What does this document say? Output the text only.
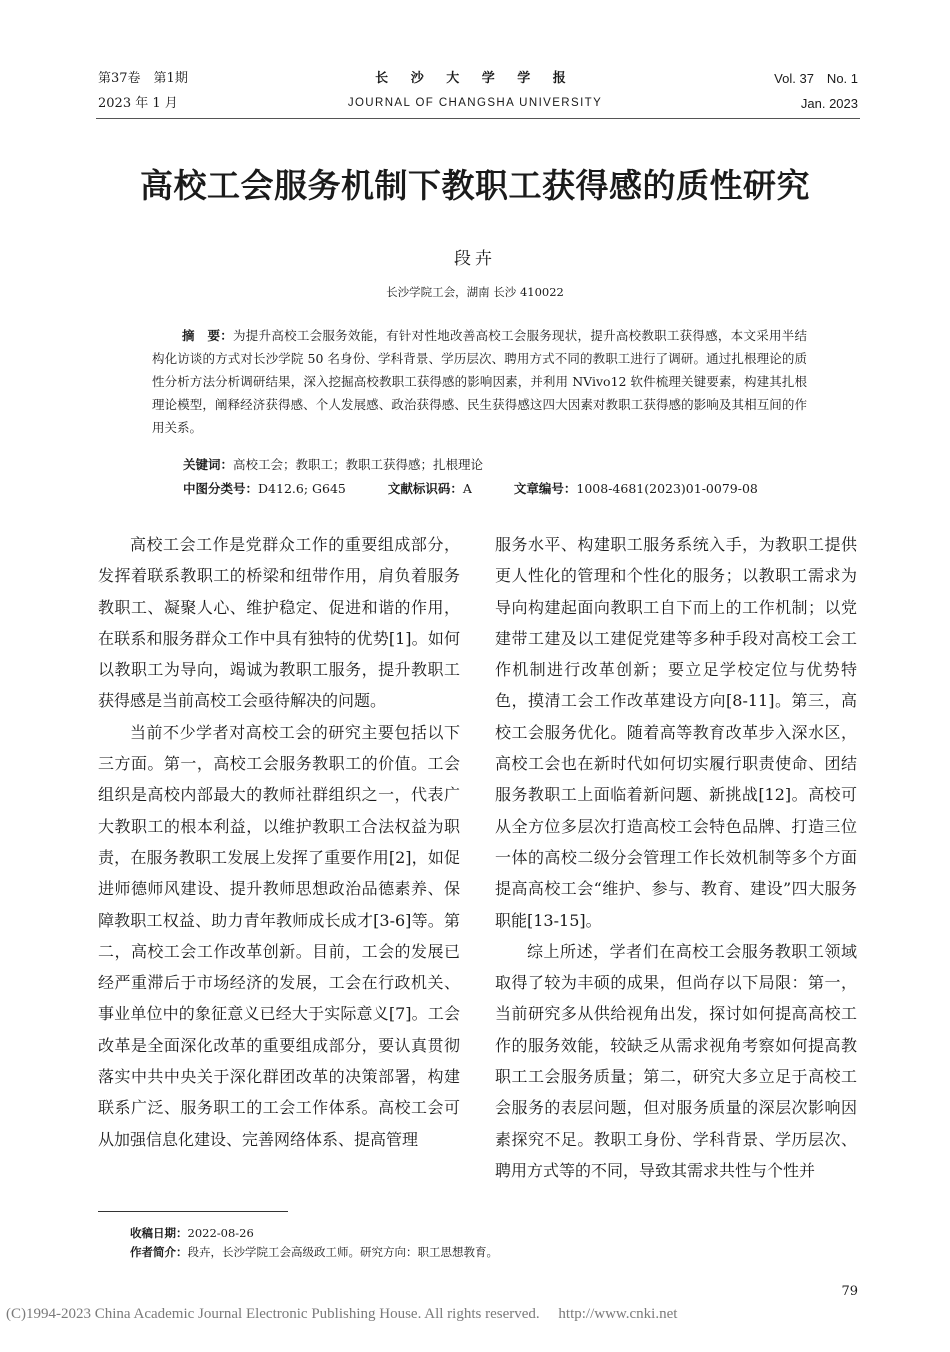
第37卷　第1期
2023 年 1 月
长 沙 大 学 学 报
JOURNAL OF CHANGSHA UNIVERSITY
Vol. 37　No. 1
Jan. 2023
高校工会服务机制下教职工获得感的质性研究
段卉
长沙学院工会，湖南 长沙 410022
摘　要：为提升高校工会服务效能，有针对性地改善高校工会服务现状，提升高校教职工获得感，本文采用半结构化访谈的方式对长沙学院 50 名身份、学科背景、学历层次、聘用方式不同的教职工进行了调研。通过扎根理论的质性分析方法分析调研结果，深入挖掘高校教职工获得感的影响因素，并利用 NVivo12 软件梳理关键要素，构建其扎根理论模型，阐释经济获得感、个人发展感、政治获得感、民生获得感这四大因素对教职工获得感的影响及其相互间的作用关系。
关键词：高校工会；教职工；教职工获得感；扎根理论
中图分类号：D412.6; G645	文献标识码：A	文章编号：1008-4681(2023)01-0079-08

高校工会工作是党群众工作的重要组成部分，发挥着联系教职工的桥梁和纽带作用，肩负着服务教职工、凝聚人心、维护稳定、促进和谐的作用，在联系和服务群众工作中具有独特的优势[1]。如何以教职工为导向，竭诚为教职工服务，提升教职工获得感是当前高校工会亟待解决的问题。

当前不少学者对高校工会的研究主要包括以下三方面。第一，高校工会服务教职工的价值。工会组织是高校内部最大的教师社群组织之一，代表广大教职工的根本利益，以维护教职工合法权益为职责，在服务教职工发展上发挥了重要作用[2]，如促进师德师风建设、提升教师思想政治品德素养、保障教职工权益、助力青年教师成长成才[3-6]等。第二，高校工会工作改革创新。目前，工会的发展已经严重滞后于市场经济的发展，工会在行政机关、事业单位中的象征意义已经大于实际意义[7]。工会改革是全面深化改革的重要组成部分，要认真贯彻落实中共中央关于深化群团改革的决策部署，构建联系广泛、服务职工的工会工作体系。高校工会可从加强信息化建设、完善网络体系、提高管理

服务水平、构建职工服务系统入手，为教职工提供更人性化的管理和个性化的服务；以教职工需求为导向构建起面向教职工自下而上的工作机制；以党建带工建及以工建促党建等多种手段对高校工会工作机制进行改革创新；要立足学校定位与优势特色，摸清工会工作改革建设方向[8-11]。第三，高校工会服务优化。随着高等教育改革步入深水区，高校工会也在新时代如何切实履行职责使命、团结服务教职工上面临着新问题、新挑战[12]。高校可从全方位多层次打造高校工会特色品牌、打造三位一体的高校二级分会管理工作长效机制等多个方面提高高校工会“维护、参与、教育、建设”四大服务职能[13-15]。

综上所述，学者们在高校工会服务教职工领域取得了较为丰硕的成果，但尚存以下局限：第一，当前研究多从供给视角出发，探讨如何提高高校工作的服务效能，较缺乏从需求视角考察如何提高教职工工会服务质量；第二，研究大多立足于高校工会服务的表层问题，但对服务质量的深层次影响因素探究不足。教职工身份、学科背景、学历层次、聘用方式等的不同，导致其需求共性与个性并

收稿日期：2022-08-26
作者简介：段卉，长沙学院工会高级政工师。研究方向：职工思想教育。
79
(C)1994-2023 China Academic Journal Electronic Publishing House. All rights reserved.　 http://www.cnki.net
